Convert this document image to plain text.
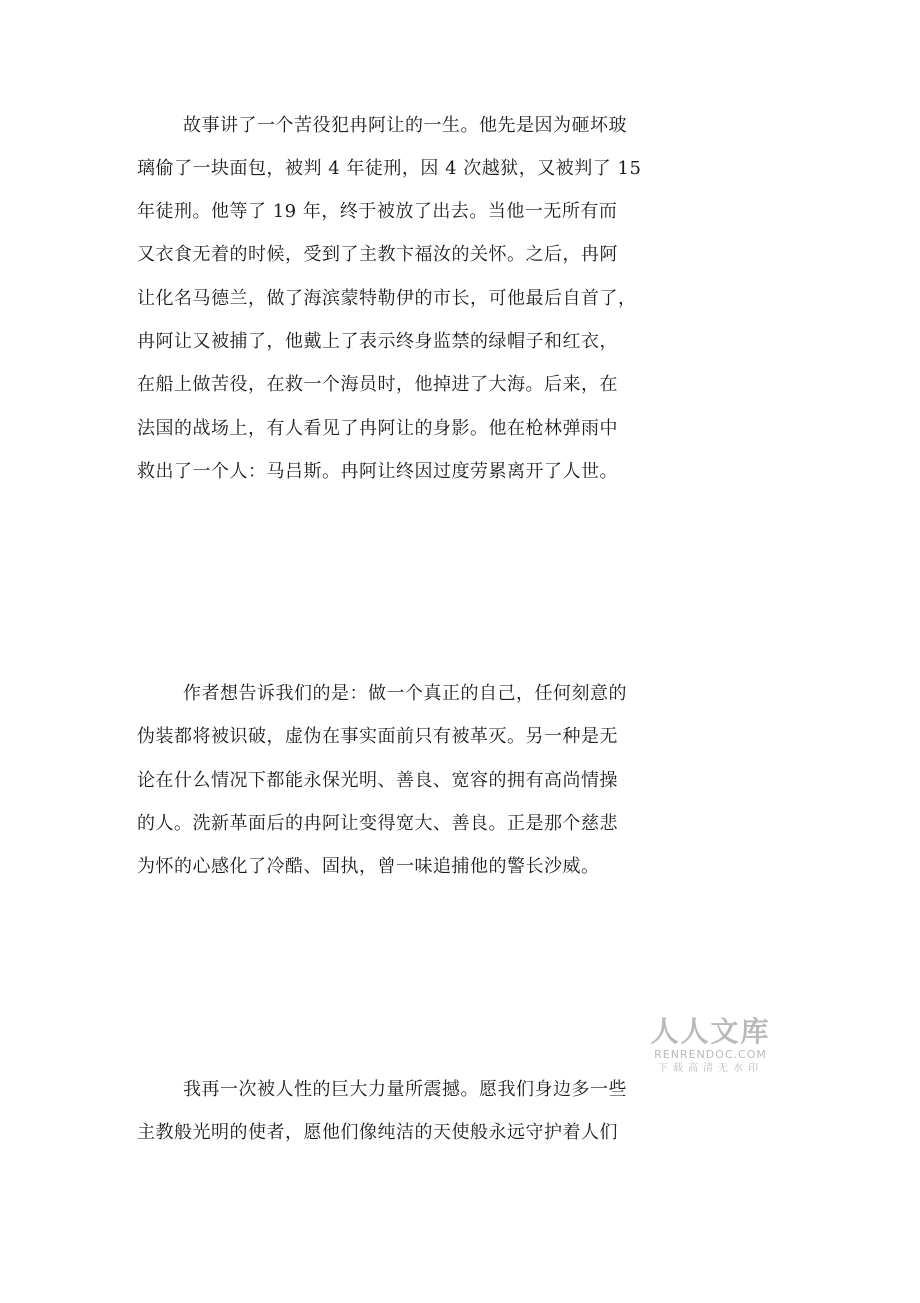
故事讲了一个苦役犯冉阿让的一生。他先是因为砸坏玻
璃偷了一块面包，被判 4 年徒刑，因 4 次越狱，又被判了 15
年徒刑。他等了 19 年，终于被放了出去。当他一无所有而
又衣食无着的时候，受到了主教卞福汝的关怀。之后，冉阿
让化名马德兰，做了海滨蒙特勒伊的市长，可他最后自首了，
冉阿让又被捕了，他戴上了表示终身监禁的绿帽子和红衣，
在船上做苦役，在救一个海员时，他掉进了大海。后来，在
法国的战场上，有人看见了冉阿让的身影。他在枪林弹雨中
救出了一个人：马吕斯。冉阿让终因过度劳累离开了人世。
作者想告诉我们的是：做一个真正的自己，任何刻意的
伪装都将被识破，虚伪在事实面前只有被革灭。另一种是无
论在什么情况下都能永保光明、善良、宽容的拥有高尚情操
的人。洗新革面后的冉阿让变得宽大、善良。正是那个慈悲
为怀的心感化了冷酷、固执，曾一味追捕他的警长沙威。
我再一次被人性的巨大力量所震撼。愿我们身边多一些
主教般光明的使者，愿他们像纯洁的天使般永远守护着人们
人人文库
RENRENDOC.COM
下载高清无水印
